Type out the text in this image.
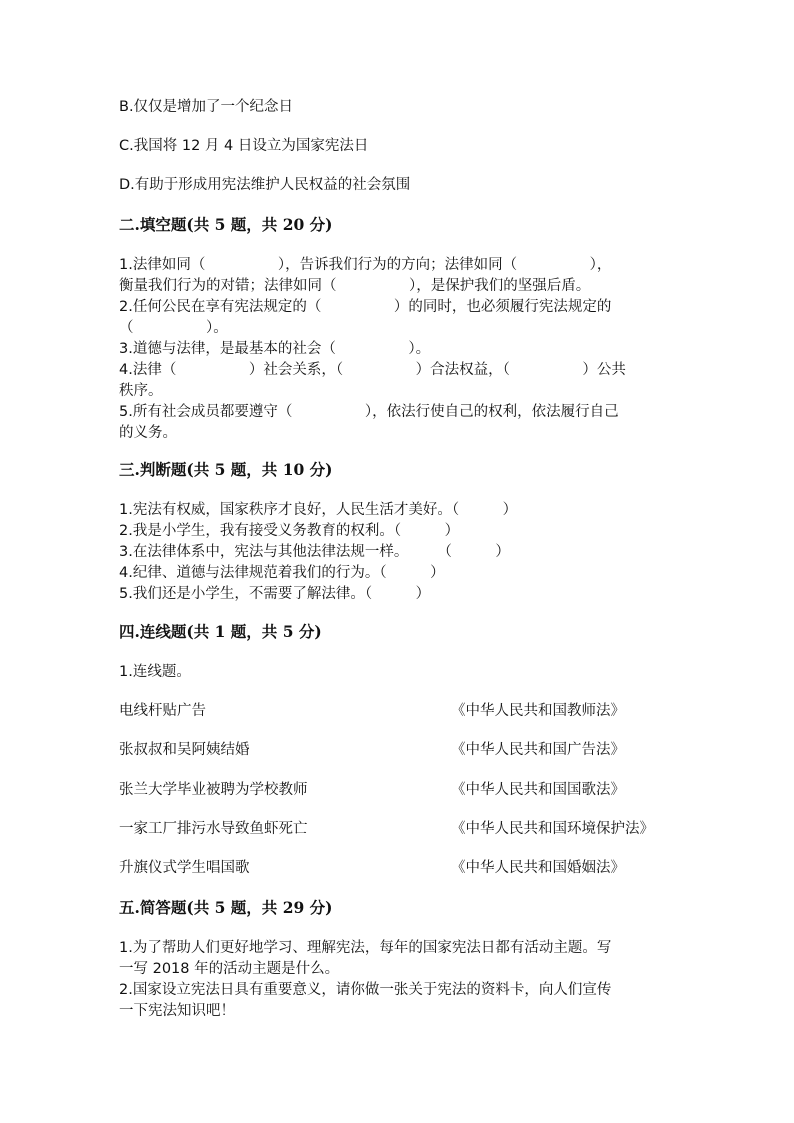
B.仅仅是增加了一个纪念日
C.我国将 12 月 4 日设立为国家宪法日
D.有助于形成用宪法维护人民权益的社会氛围
二.填空题(共 5 题，共 20 分)
1.法律如同（　　　　　），告诉我们行为的方向；法律如同（　　　　　），
衡量我们行为的对错；法律如同（　　　　　），是保护我们的坚强后盾。
2.任何公民在享有宪法规定的（　　　　　）的同时，也必须履行宪法规定的
（　　　　　）。
3.道德与法律，是最基本的社会（　　　　　）。
4.法律（　　　　　）社会关系，（　　　　　）合法权益，（　　　　　）公共
秩序。
5.所有社会成员都要遵守（　　　　　），依法行使自己的权利，依法履行自己
的义务。
三.判断题(共 5 题，共 10 分)
1.宪法有权威，国家秩序才良好，人民生活才美好。（　　　）
2.我是小学生，我有接受义务教育的权利。（　　　）
3.在法律体系中，宪法与其他法律法规一样。　　　（　　　）
4.纪律、道德与法律规范着我们的行为。（　　　）
5.我们还是小学生，不需要了解法律。（　　　）
四.连线题(共 1 题，共 5 分)
1.连线题。
电线杆贴广告	《中华人民共和国教师法》
张叔叔和吴阿姨结婚	《中华人民共和国广告法》
张兰大学毕业被聘为学校教师	《中华人民共和国国歌法》
一家工厂排污水导致鱼虾死亡	《中华人民共和国环境保护法》
升旗仪式学生唱国歌	《中华人民共和国婚姻法》
五.简答题(共 5 题，共 29 分)
1.为了帮助人们更好地学习、理解宪法，每年的国家宪法日都有活动主题。写
一写 2018 年的活动主题是什么。
2.国家设立宪法日具有重要意义，请你做一张关于宪法的资料卡，向人们宣传
一下宪法知识吧！
